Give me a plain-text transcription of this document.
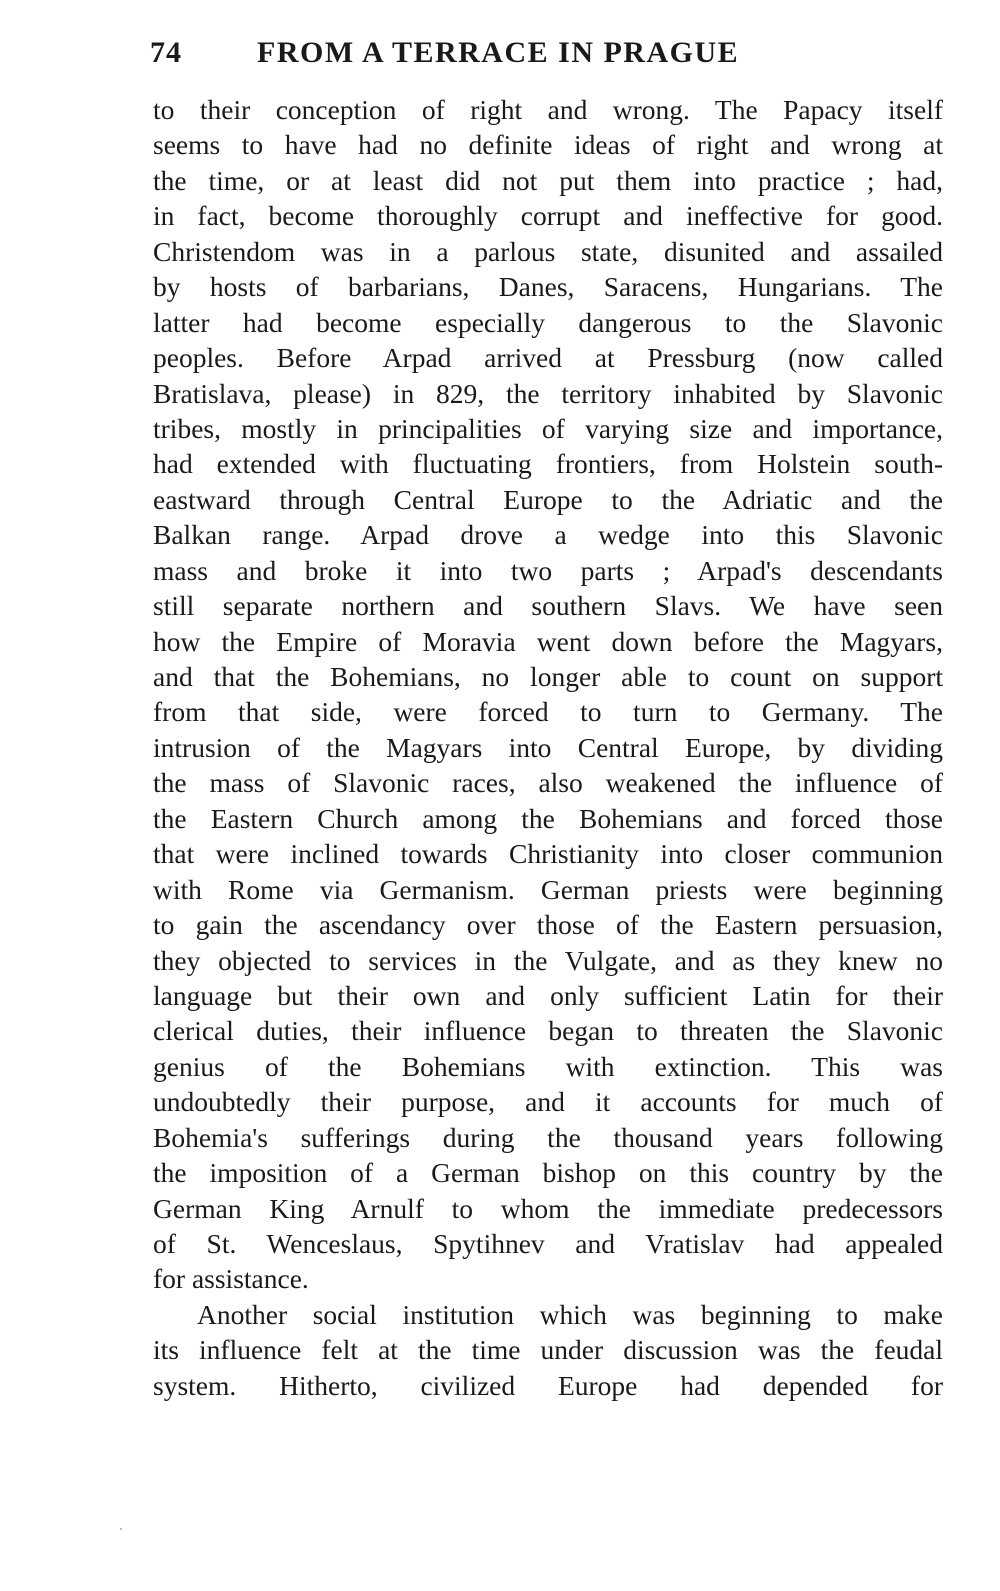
74	FROM A TERRACE IN PRAGUE
to their conception of right and wrong. The Papacy itself
seems to have had no definite ideas of right and wrong at
the time, or at least did not put them into practice ; had,
in fact, become thoroughly corrupt and ineffective for good.
Christendom was in a parlous state, disunited and assailed
by hosts of barbarians, Danes, Saracens, Hungarians. The
latter had become especially dangerous to the Slavonic
peoples. Before Arpad arrived at Pressburg (now called
Bratislava, please) in 829, the territory inhabited by Slavonic
tribes, mostly in principalities of varying size and importance,
had extended with fluctuating frontiers, from Holstein south-
eastward through Central Europe to the Adriatic and the
Balkan range. Arpad drove a wedge into this Slavonic
mass and broke it into two parts ; Arpad's descendants
still separate northern and southern Slavs. We have seen
how the Empire of Moravia went down before the Magyars,
and that the Bohemians, no longer able to count on support
from that side, were forced to turn to Germany. The
intrusion of the Magyars into Central Europe, by dividing
the mass of Slavonic races, also weakened the influence of
the Eastern Church among the Bohemians and forced those
that were inclined towards Christianity into closer communion
with Rome via Germanism. German priests were beginning
to gain the ascendancy over those of the Eastern persuasion,
they objected to services in the Vulgate, and as they knew no
language but their own and only sufficient Latin for their
clerical duties, their influence began to threaten the Slavonic
genius of the Bohemians with extinction. This was
undoubtedly their purpose, and it accounts for much of
Bohemia's sufferings during the thousand years following
the imposition of a German bishop on this country by the
German King Arnulf to whom the immediate predecessors
of St. Wenceslaus, Spytihnev and Vratislav had appealed
for assistance.
Another social institution which was beginning to make
its influence felt at the time under discussion was the feudal
system. Hitherto, civilized Europe had depended for
